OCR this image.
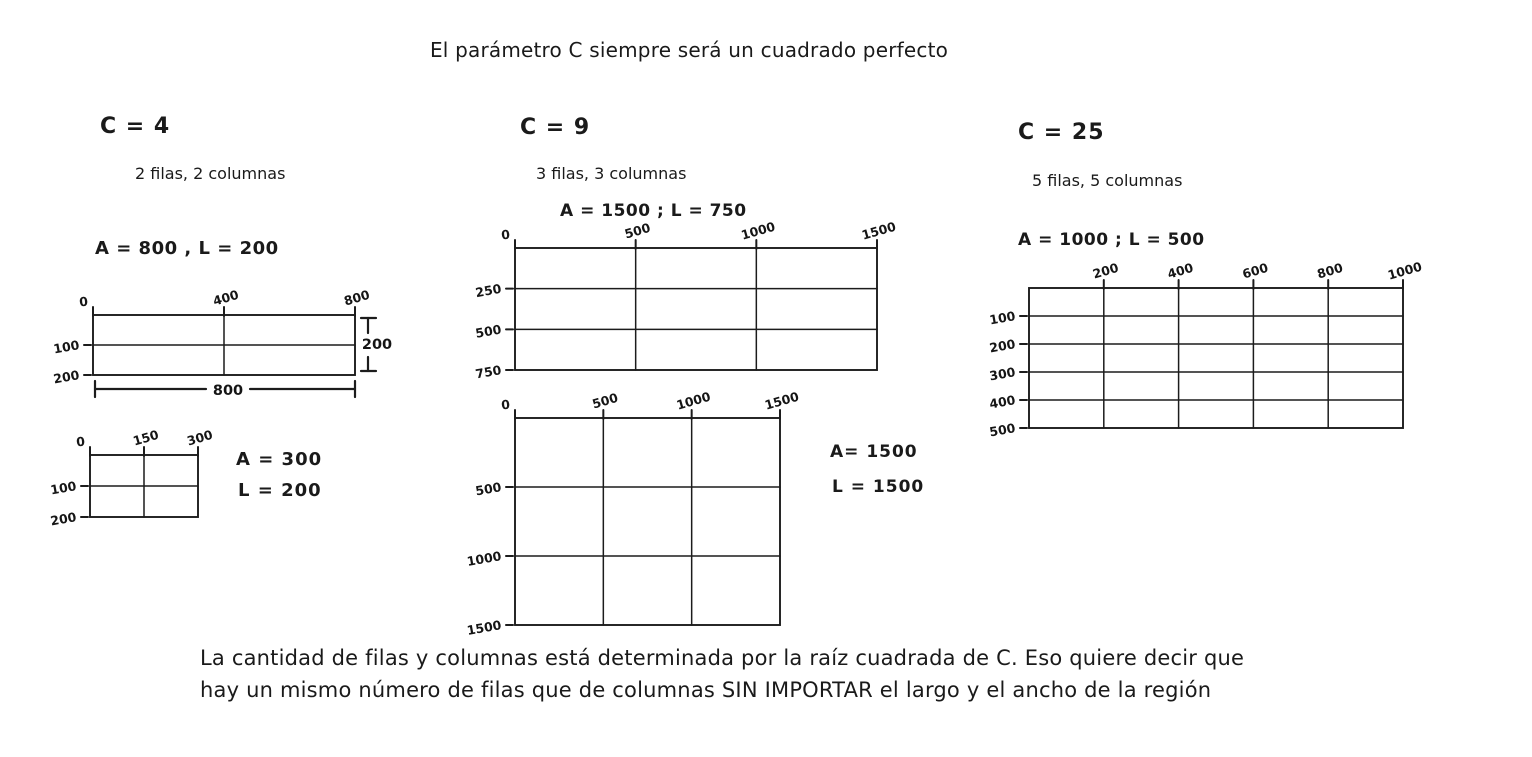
0	400	800
100
200
0	150 300
100
200
0	500	1000	1500
250
500
750
0	500	1000	1500
500
1000
1500
200	400	600	800	1000
100
200
300
400
500
200
800
El parámetro C siempre será un cuadrado perfecto
C = 4
2 filas, 2 columnas
A = 800 , L = 200
A = 300
L = 200
C = 9
3 filas, 3 columnas
A = 1500 ; L = 750
A= 1500
L = 1500
C = 25
5 filas, 5 columnas
A = 1000 ; L = 500
La cantidad de filas y columnas está determinada por la raíz cuadrada de C. Eso quiere decir que
hay un mismo número de filas que de columnas SIN IMPORTAR el largo y el ancho de la región
